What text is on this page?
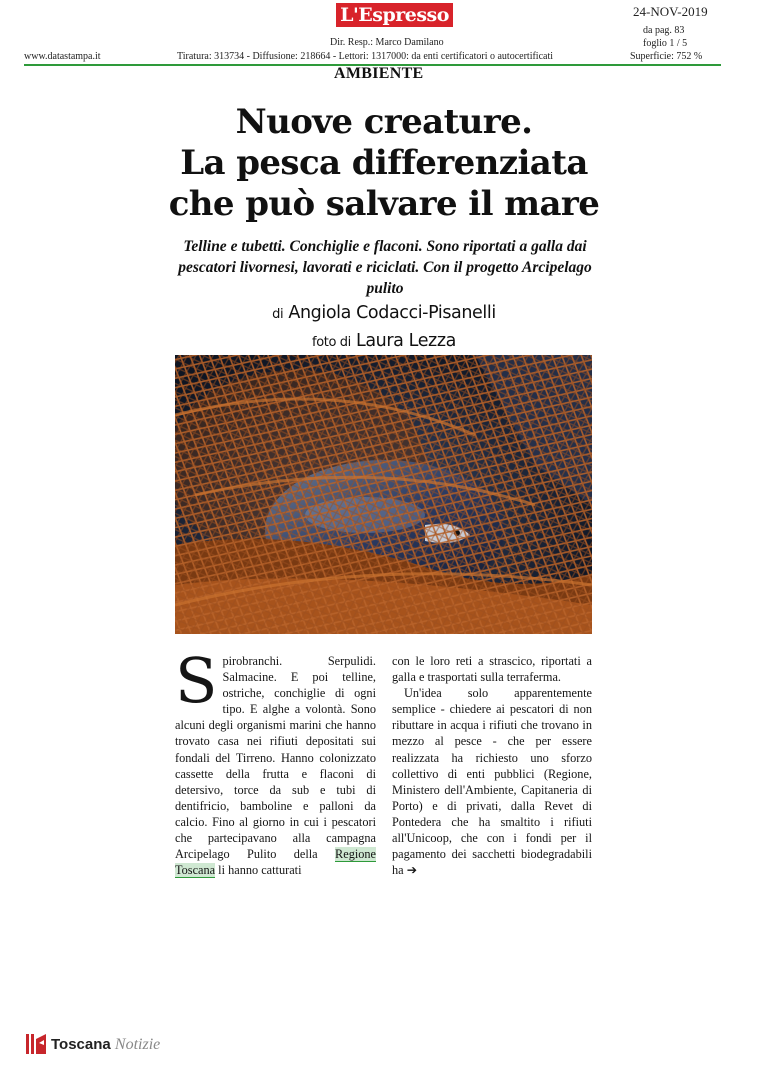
L'Espresso	24-NOV-2019
Dir. Resp.: Marco Damilano
da pag. 83
foglio 1 / 5
www.datastampa.it	Tiratura: 313734 - Diffusione: 218664 - Lettori: 1317000: da enti certificatori o autocertificati	Superficie: 752 %
AMBIENTE
Nuove creature.
La pesca differenziata
che può salvare il mare
Telline e tubetti. Conchiglie e flaconi. Sono riportati a galla dai pescatori livornesi, lavorati e riciclati. Con il progetto Arcipelago pulito
di Angiola Codacci-Pisanelli
foto di Laura Lezza

Spirobranchi. Serpulidi. Salmacine. E poi telline, ostriche, conchiglie di ogni tipo. E alghe a volontà. Sono alcuni degli organismi marini che hanno trovato casa nei rifiuti depositati sui fondali del Tirreno. Hanno colonizzato cassette della frutta e flaconi di detersivo, torce da sub e tubi di dentifricio, bamboline e palloni da calcio. Fino al giorno in cui i pescatori che partecipavano alla campagna Arcipelago Pulito della Regione Toscana li hanno catturati

con le loro reti a strascico, riportati a galla e trasportati sulla terraferma.

Un'idea solo apparentemente semplice - chiedere ai pescatori di non ributtare in acqua i rifiuti che trovano in mezzo al pesce - che per essere realizzata ha richiesto uno sforzo collettivo di enti pubblici (Regione, Ministero dell'Ambiente, Capitaneria di Porto) e di privati, dalla Revet di Pontedera che ha smaltito i rifiuti all'Unicoop, che con i fondi per il pagamento dei sacchetti biodegradabili ha ➔

Toscana Notizie
